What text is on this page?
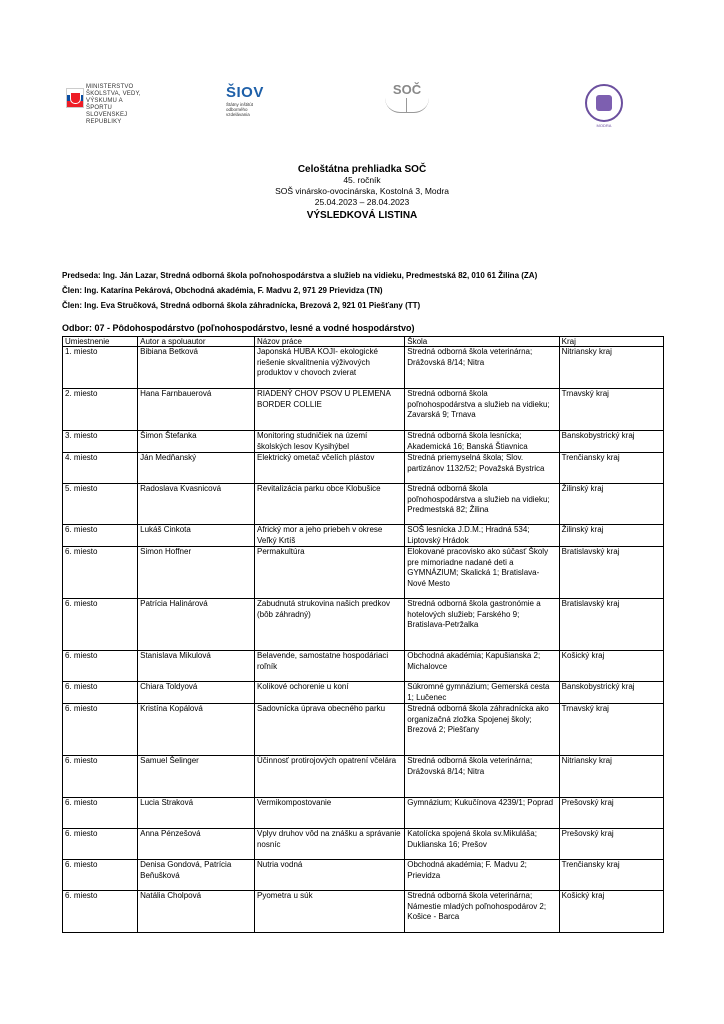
MINISTERSTVO
ŠKOLSTVA, VEDY,
VÝSKUMU A ŠPORTU
SLOVENSKEJ REPUBLIKY
ŠIOV
Štátny inštitút
odborného
vzdelávania
SOČ
MODRA
Celoštátna prehliadka SOČ
45. ročník
SOŠ vinársko-ovocinárska, Kostolná 3, Modra
25.04.2023 – 28.04.2023
VÝSLEDKOVÁ LISTINA
Predseda: Ing. Ján Lazar, Stredná odborná škola poľnohospodárstva a služieb na vidieku, Predmestská 82, 010 61 Žilina (ZA)
Člen: Ing. Katarína Pekárová, Obchodná akadémia, F. Madvu 2, 971 29 Prievidza (TN)
Člen: Ing. Eva Stručková, Stredná odborná škola záhradnícka, Brezová 2, 921 01 Piešťany (TT)
Odbor: 07 - Pôdohospodárstvo (poľnohospodárstvo, lesné a vodné hospodárstvo)
Umiestnenie	Autor a spoluautor	Názov práce	Škola	Kraj
1. miesto	Bibiana Betková	Japonská HUBA KOJI- ekologické riešenie skvalitnenia výživových produktov v chovoch zvierat	Stredná odborná škola veterinárna; Drážovská 8/14; Nitra	Nitriansky kraj
2. miesto	Hana Farnbauerová	RIADENÝ CHOV PSOV U PLEMENA BORDER COLLIE	Stredná odborná škola poľnohospodárstva a služieb na vidieku; Zavarská 9; Trnava	Trnavský kraj
3. miesto	Šimon Štefanka	Monitoring studničiek na území školských lesov Kysihýbel	Stredná odborná škola lesnícka; Akademická 16; Banská Štiavnica	Banskobystrický kraj
4. miesto	Ján Medňanský	Elektrický ometač včelích plástov	Stredná priemyselná škola; Slov. partizánov 1132/52; Považská Bystrica	Trenčiansky kraj
5. miesto	Radoslava Kvasnicová	Revitalizácia parku obce Klobušice	Stredná odborná škola poľnohospodárstva a služieb na vidieku; Predmestská 82; Žilina	Žilinský kraj
6. miesto	Lukáš Cinkota	Africký mor a jeho priebeh v okrese Veľký Krtíš	SOŠ lesnícka J.D.M.; Hradná 534; Liptovský Hrádok	Žilinský kraj
6. miesto	Simon Hoffner	Permakultúra	Elokované pracovisko ako súčasť Školy pre mimoriadne nadané deti a GYMNÁZIUM; Skalická 1; Bratislava-Nové Mesto	Bratislavský kraj
6. miesto	Patrícia Halinárová	Zabudnutá strukovina našich predkov (bôb záhradný)	Stredná odborná škola gastronómie a hotelových služieb; Farského 9; Bratislava-Petržalka	Bratislavský kraj
6. miesto	Stanislava Mikulová	Belavende, samostatne hospodáriaci roľník	Obchodná akadémia; Kapušianska 2; Michalovce	Košický kraj
6. miesto	Chiara Toldyová	Kolikové ochorenie u koní	Súkromné gymnázium; Gemerská cesta 1; Lučenec	Banskobystrický kraj
6. miesto	Kristína Kopálová	Sadovnícka úprava obecného parku	Stredná odborná škola záhradnícka ako organizačná zložka Spojenej školy; Brezová 2; Piešťany	Trnavský kraj
6. miesto	Samuel Šelinger	Účinnosť protirojových opatrení včelára	Stredná odborná škola veterinárna; Drážovská 8/14; Nitra	Nitriansky kraj
6. miesto	Lucia Straková	Vermikompostovanie	Gymnázium; Kukučínova 4239/1; Poprad	Prešovský kraj
6. miesto	Anna Pénzešová	Vplyv druhov vôd na znášku a správanie nosníc	Katolícka spojená škola sv.Mikuláša; Duklianska 16; Prešov	Prešovský kraj
6. miesto	Denisa Gondová, Patrícia Beňušková	Nutria vodná	Obchodná akadémia; F. Madvu 2; Prievidza	Trenčiansky kraj
6. miesto	Natália Cholpová	Pyometra u súk	Stredná odborná škola veterinárna; Námestie mladých poľnohospodárov 2; Košice - Barca	Košický kraj
